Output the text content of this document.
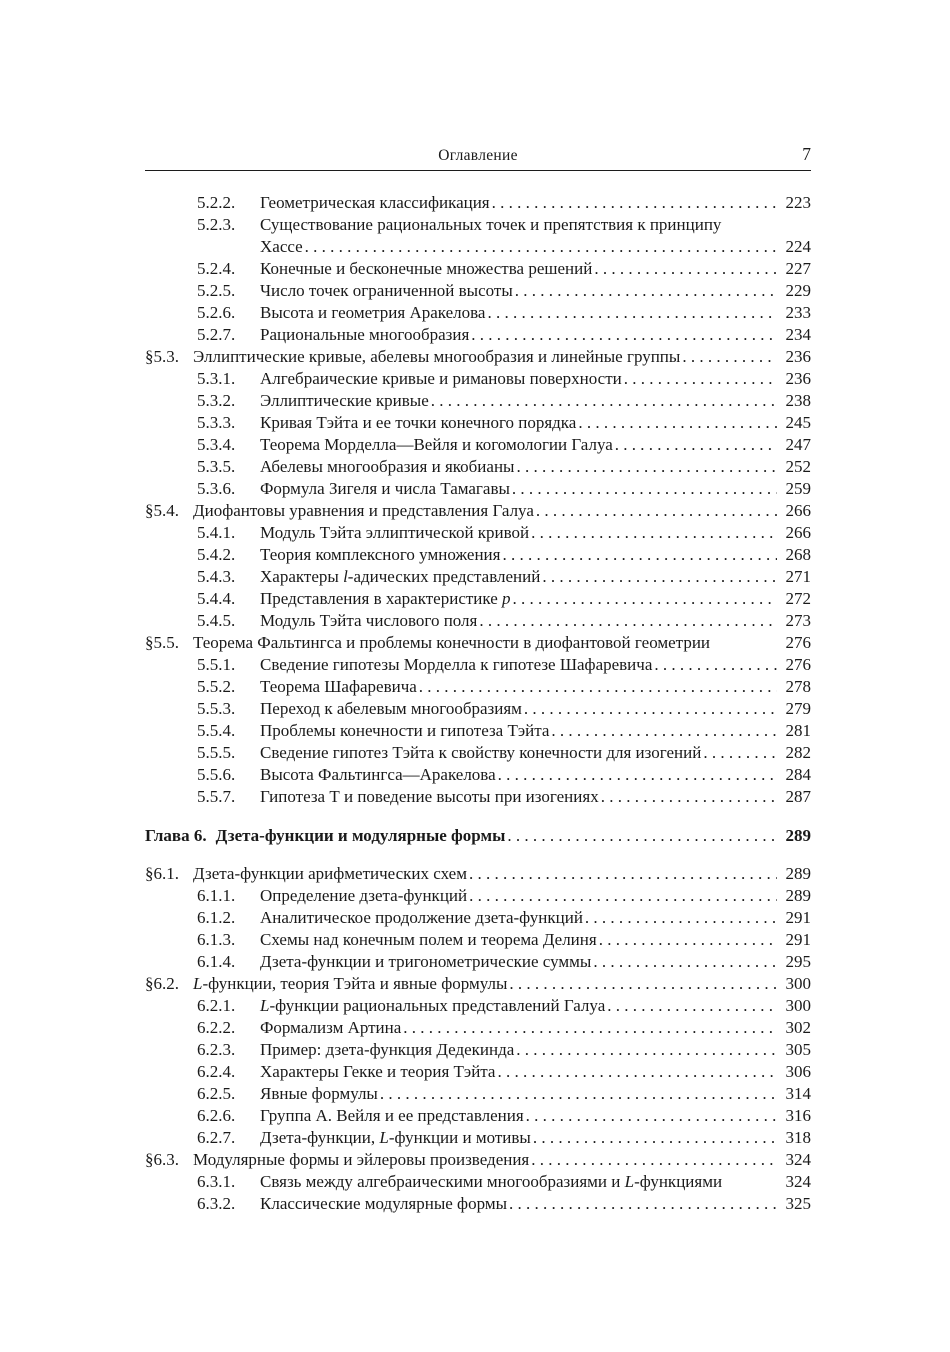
Оглавление	7
5.2.2.	Геометрическая классификация . . .	223
5.2.3.	Существование рациональных точек и препятствия к принципу
Хассе . . .	224
5.2.4.	Конечные и бесконечные множества решений . . .	227
5.2.5.	Число точек ограниченной высоты . . .	229
5.2.6.	Высота и геометрия Аракелова . . .	233
5.2.7.	Рациональные многообразия . . .	234
§5.3. Эллиптические кривые, абелевы многообразия и линейные группы . . .	236
5.3.1.	Алгебраические кривые и римановы поверхности . . .	236
5.3.2.	Эллиптические кривые . . .	238
5.3.3.	Кривая Тэйта и ее точки конечного порядка . . .	245
5.3.4.	Теорема Морделла—Вейля и когомологии Галуа . . .	247
5.3.5.	Абелевы многообразия и якобианы . . .	252
5.3.6.	Формула Зигеля и числа Тамагавы . . .	259
§5.4. Диофантовы уравнения и представления Галуа . . .	266
5.4.1.	Модуль Тэйта эллиптической кривой . . .	266
5.4.2.	Теория комплексного умножения . . .	268
5.4.3.	Характеры l-адических представлений . . .	271
5.4.4.	Представления в характеристике p . . .	272
5.4.5.	Модуль Тэйта числового поля . . .	273
§5.5. Теорема Фальтингса и проблемы конечности в диофантовой геометрии	276
5.5.1.	Сведение гипотезы Морделла к гипотезе Шафаревича . . .	276
5.5.2.	Теорема Шафаревича . . .	278
5.5.3.	Переход к абелевым многообразиям . . .	279
5.5.4.	Проблемы конечности и гипотеза Тэйта . . .	281
5.5.5.	Сведение гипотез Тэйта к свойству конечности для изогений . . .	282
5.5.6.	Высота Фальтингса—Аракелова . . .	284
5.5.7.	Гипотеза Т и поведение высоты при изогениях . . .	287
Глава 6. Дзета-функции и модулярные формы . . .	289
§6.1. Дзета-функции арифметических схем . . .	289
6.1.1.	Определение дзета-функций . . .	289
6.1.2.	Аналитическое продолжение дзета-функций . . .	291
6.1.3.	Схемы над конечным полем и теорема Делиня . . .	291
6.1.4.	Дзета-функции и тригонометрические суммы . . .	295
§6.2. L-функции, теория Тэйта и явные формулы . . .	300
6.2.1.	L-функции рациональных представлений Галуа . . .	300
6.2.2.	Формализм Артина . . .	302
6.2.3.	Пример: дзета-функция Дедекинда . . .	305
6.2.4.	Характеры Гекке и теория Тэйта . . .	306
6.2.5.	Явные формулы . . .	314
6.2.6.	Группа А. Вейля и ее представления . . .	316
6.2.7.	Дзета-функции, L-функции и мотивы . . .	318
§6.3. Модулярные формы и эйлеровы произведения . . .	324
6.3.1.	Связь между алгебраическими многообразиями и L-функциями	324
6.3.2.	Классические модулярные формы . . .	325
